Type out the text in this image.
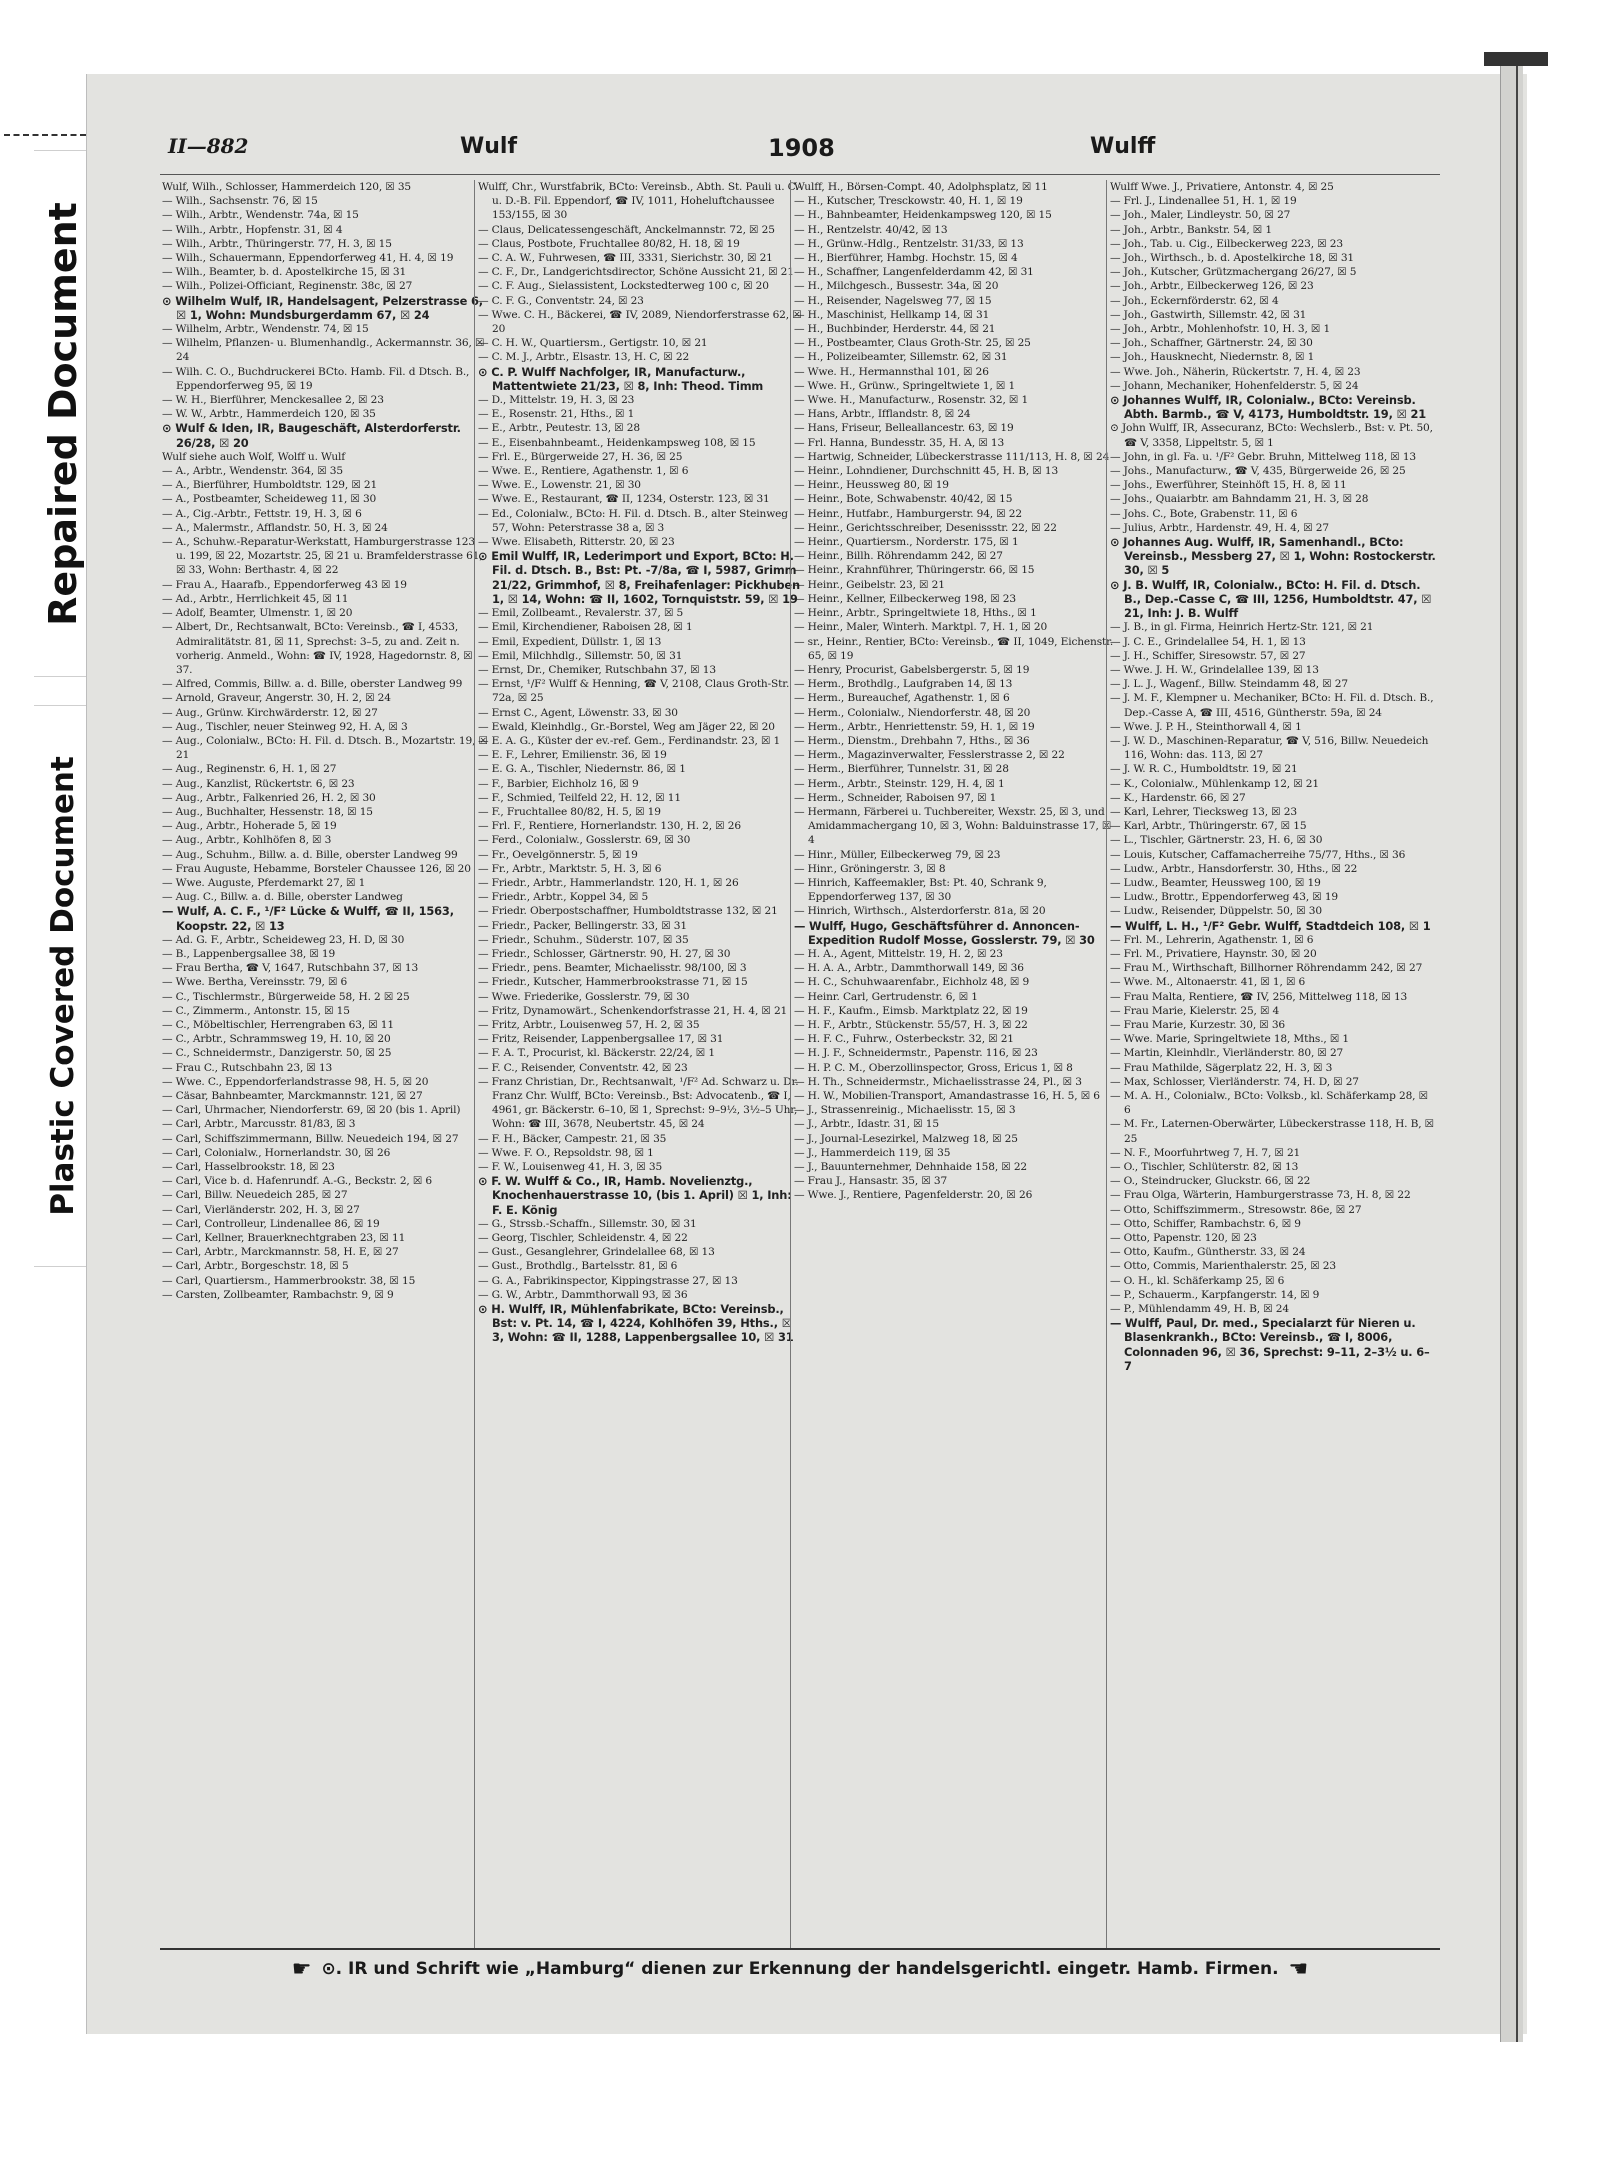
Repaired Document
Plastic Covered Document
II—882	Wulf	1908	Wulff

Wulf, Wilh., Schlosser, Hammerdeich 120, ☒ 35

— Wilh., Sachsenstr. 76, ☒ 15

— Wilh., Arbtr., Wendenstr. 74a, ☒ 15

— Wilh., Arbtr., Hopfenstr. 31, ☒ 4

— Wilh., Arbtr., Thüringerstr. 77, H. 3, ☒ 15

— Wilh., Schauermann, Eppendorferweg 41, H. 4, ☒ 19

— Wilh., Beamter, b. d. Apostelkirche 15, ☒ 31

— Wilh., Polizei-Officiant, Reginenstr. 38c, ☒ 27

⊙ Wilhelm Wulf, IR, Handelsagent, Pelzerstrasse 6, ☒ 1, Wohn: Mundsburgerdamm 67, ☒ 24

— Wilhelm, Arbtr., Wendenstr. 74, ☒ 15

— Wilhelm, Pflanzen- u. Blumenhandlg., Ackermannstr. 36, ☒ 24

— Wilh. C. O., Buchdruckerei BCto. Hamb. Fil. d Dtsch. B., Eppendorferweg 95, ☒ 19

— W. H., Bierführer, Menckesallee 2, ☒ 23

— W. W., Arbtr., Hammerdeich 120, ☒ 35

⊙ Wulf & Iden, IR, Baugeschäft, Alsterdorferstr. 26/28, ☒ 20

Wulf siehe auch Wolf, Wolff u. Wulf

— A., Arbtr., Wendenstr. 364, ☒ 35

— A., Bierführer, Humboldtstr. 129, ☒ 21

— A., Postbeamter, Scheideweg 11, ☒ 30

— A., Cig.-Arbtr., Fettstr. 19, H. 3, ☒ 6

— A., Malermstr., Afflandstr. 50, H. 3, ☒ 24

— A., Schuhw.-Reparatur-Werkstatt, Hamburgerstrasse 123 u. 199, ☒ 22, Mozartstr. 25, ☒ 21 u. Bramfelderstrasse 61, ☒ 33, Wohn: Berthastr. 4, ☒ 22

— Frau A., Haarafb., Eppendorferweg 43 ☒ 19

— Ad., Arbtr., Herrlichkeit 45, ☒ 11

— Adolf, Beamter, Ulmenstr. 1, ☒ 20

— Albert, Dr., Rechtsanwalt, BCto: Vereinsb., ☎ I, 4533, Admiralitätstr. 81, ☒ 11, Sprechst: 3–5, zu and. Zeit n. vorherig. Anmeld., Wohn: ☎ IV, 1928, Hagedornstr. 8, ☒ 37.

— Alfred, Commis, Billw. a. d. Bille, oberster Landweg 99

— Arnold, Graveur, Angerstr. 30, H. 2, ☒ 24

— Aug., Grünw. Kirchwärderstr. 12, ☒ 27

— Aug., Tischler, neuer Steinweg 92, H. A, ☒ 3

— Aug., Colonialw., BCto: H. Fil. d. Dtsch. B., Mozartstr. 19, ☒ 21

— Aug., Reginenstr. 6, H. 1, ☒ 27

— Aug., Kanzlist, Rückertstr. 6, ☒ 23

— Aug., Arbtr., Falkenried 26, H. 2, ☒ 30

— Aug., Buchhalter, Hessenstr. 18, ☒ 15

— Aug., Arbtr., Hoherade 5, ☒ 19

— Aug., Arbtr., Kohlhöfen 8, ☒ 3

— Aug., Schuhm., Billw. a. d. Bille, oberster Landweg 99

— Frau Auguste, Hebamme, Borsteler Chaussee 126, ☒ 20

— Wwe. Auguste, Pferdemarkt 27, ☒ 1

— Aug. C., Billw. a. d. Bille, oberster Landweg

— Wulf, A. C. F., ¹/F² Lücke & Wulff, ☎ II, 1563, Koopstr. 22, ☒ 13

— Ad. G. F., Arbtr., Scheideweg 23, H. D, ☒ 30

— B., Lappenbergsallee 38, ☒ 19

— Frau Bertha, ☎ V, 1647, Rutschbahn 37, ☒ 13

— Wwe. Bertha, Vereinsstr. 79, ☒ 6

— C., Tischlermstr., Bürgerweide 58, H. 2 ☒ 25

— C., Zimmerm., Antonstr. 15, ☒ 15

— C., Möbeltischler, Herrengraben 63, ☒ 11

— C., Arbtr., Schrammsweg 19, H. 10, ☒ 20

— C., Schneidermstr., Danzigerstr. 50, ☒ 25

— Frau C., Rutschbahn 23, ☒ 13

— Wwe. C., Eppendorferlandstrasse 98, H. 5, ☒ 20

— Cäsar, Bahnbeamter, Marckmannstr. 121, ☒ 27

— Carl, Uhrmacher, Niendorferstr. 69, ☒ 20 (bis 1. April)

— Carl, Arbtr., Marcusstr. 81/83, ☒ 3

— Carl, Schiffszimmermann, Billw. Neuedeich 194, ☒ 27

— Carl, Colonialw., Hornerlandstr. 30, ☒ 26

— Carl, Hasselbrookstr. 18, ☒ 23

— Carl, Vice b. d. Hafenrundf. A.-G., Beckstr. 2, ☒ 6

— Carl, Billw. Neuedeich 285, ☒ 27

— Carl, Vierländerstr. 202, H. 3, ☒ 27

— Carl, Controlleur, Lindenallee 86, ☒ 19

— Carl, Kellner, Brauerknechtgraben 23, ☒ 11

— Carl, Arbtr., Marckmannstr. 58, H. E, ☒ 27

— Carl, Arbtr., Borgeschstr. 18, ☒ 5

— Carl, Quartiersm., Hammerbrookstr. 38, ☒ 15

— Carsten, Zollbeamter, Rambachstr. 9, ☒ 9

Wulff, Chr., Wurstfabrik, BCto: Vereinsb., Abth. St. Pauli u. C.- u. D.-B. Fil. Eppendorf, ☎ IV, 1011, Hoheluftchaussee 153/155, ☒ 30

— Claus, Delicatessengeschäft, Anckelmannstr. 72, ☒ 25

— Claus, Postbote, Fruchtallee 80/82, H. 18, ☒ 19

— C. A. W., Fuhrwesen, ☎ III, 3331, Sierichstr. 30, ☒ 21

— C. F., Dr., Landgerichtsdirector, Schöne Aussicht 21, ☒ 21

— C. F. Aug., Sielassistent, Lockstedterweg 100 c, ☒ 20

— C. F. G., Conventstr. 24, ☒ 23

— Wwe. C. H., Bäckerei, ☎ IV, 2089, Niendorferstrasse 62, ☒ 20

— C. H. W., Quartiersm., Gertigstr. 10, ☒ 21

— C. M. J., Arbtr., Elsastr. 13, H. C, ☒ 22

⊙ C. P. Wulff Nachfolger, IR, Manufacturw., Mattentwiete 21/23, ☒ 8, Inh: Theod. Timm

— D., Mittelstr. 19, H. 3, ☒ 23

— E., Rosenstr. 21, Hths., ☒ 1

— E., Arbtr., Peutestr. 13, ☒ 28

— E., Eisenbahnbeamt., Heidenkampsweg 108, ☒ 15

— Frl. E., Bürgerweide 27, H. 36, ☒ 25

— Wwe. E., Rentiere, Agathenstr. 1, ☒ 6

— Wwe. E., Lowenstr. 21, ☒ 30

— Wwe. E., Restaurant, ☎ II, 1234, Osterstr. 123, ☒ 31

— Ed., Colonialw., BCto: H. Fil. d. Dtsch. B., alter Steinweg 57, Wohn: Peterstrasse 38 a, ☒ 3

— Wwe. Elisabeth, Ritterstr. 20, ☒ 23

⊙ Emil Wulff, IR, Lederimport und Export, BCto: H. Fil. d. Dtsch. B., Bst: Pt. -7/8a, ☎ I, 5987, Grimm 21/22, Grimmhof, ☒ 8, Freihafenlager: Pickhuben 1, ☒ 14, Wohn: ☎ II, 1602, Tornquiststr. 59, ☒ 19

— Emil, Zollbeamt., Revalerstr. 37, ☒ 5

— Emil, Kirchendiener, Raboisen 28, ☒ 1

— Emil, Expedient, Düllstr. 1, ☒ 13

— Emil, Milchhdlg., Sillemstr. 50, ☒ 31

— Ernst, Dr., Chemiker, Rutschbahn 37, ☒ 13

— Ernst, ¹/F² Wulff & Henning, ☎ V, 2108, Claus Groth-Str. 72a, ☒ 25

— Ernst C., Agent, Löwenstr. 33, ☒ 30

— Ewald, Kleinhdlg., Gr.-Borstel, Weg am Jäger 22, ☒ 20

— E. A. G., Küster der ev.-ref. Gem., Ferdinandstr. 23, ☒ 1

— E. F., Lehrer, Emilienstr. 36, ☒ 19

— E. G. A., Tischler, Niedernstr. 86, ☒ 1

— F., Barbier, Eichholz 16, ☒ 9

— F., Schmied, Teilfeld 22, H. 12, ☒ 11

— F., Fruchtallee 80/82, H. 5, ☒ 19

— Frl. F., Rentiere, Hornerlandstr. 130, H. 2, ☒ 26

— Ferd., Colonialw., Gosslerstr. 69, ☒ 30

— Fr., Oevelgönnerstr. 5, ☒ 19

— Fr., Arbtr., Marktstr. 5, H. 3, ☒ 6

— Friedr., Arbtr., Hammerlandstr. 120, H. 1, ☒ 26

— Friedr., Arbtr., Koppel 34, ☒ 5

— Friedr. Oberpostschaffner, Humboldtstrasse 132, ☒ 21

— Friedr., Packer, Bellingerstr. 33, ☒ 31

— Friedr., Schuhm., Süderstr. 107, ☒ 35

— Friedr., Schlosser, Gärtnerstr. 90, H. 27, ☒ 30

— Friedr., pens. Beamter, Michaelisstr. 98/100, ☒ 3

— Friedr., Kutscher, Hammerbrookstrasse 71, ☒ 15

— Wwe. Friederike, Gosslerstr. 79, ☒ 30

— Fritz, Dynamowärt., Schenkendorfstrasse 21, H. 4, ☒ 21

— Fritz, Arbtr., Louisenweg 57, H. 2, ☒ 35

— Fritz, Reisender, Lappenbergsallee 17, ☒ 31

— F. A. T., Procurist, kl. Bäckerstr. 22/24, ☒ 1

— F. C., Reisender, Conventstr. 42, ☒ 23

— Franz Christian, Dr., Rechtsanwalt, ¹/F² Ad. Schwarz u. Dr. Franz Chr. Wulff, BCto: Vereinsb., Bst: Advocatenb., ☎ I, 4961, gr. Bäckerstr. 6–10, ☒ 1, Sprechst: 9–9½, 3½–5 Uhr, Wohn: ☎ III, 3678, Neubertstr. 45, ☒ 24

— F. H., Bäcker, Campestr. 21, ☒ 35

— Wwe. F. O., Repsoldstr. 98, ☒ 1

— F. W., Louisenweg 41, H. 3, ☒ 35

⊙ F. W. Wulff & Co., IR, Hamb. Novelienztg., Knochenhauerstrasse 10, (bis 1. April) ☒ 1, Inh: F. E. König

— G., Strssb.-Schaffn., Sillemstr. 30, ☒ 31

— Georg, Tischler, Schleidenstr. 4, ☒ 22

— Gust., Gesanglehrer, Grindelallee 68, ☒ 13

— Gust., Brothdlg., Bartelsstr. 81, ☒ 6

— G. A., Fabrikinspector, Kippingstrasse 27, ☒ 13

— G. W., Arbtr., Dammthorwall 93, ☒ 36

⊙ H. Wulff, IR, Mühlenfabrikate, BCto: Vereinsb., Bst: v. Pt. 14, ☎ I, 4224, Kohlhöfen 39, Hths., ☒ 3, Wohn: ☎ II, 1288, Lappenbergsallee 10, ☒ 31

Wulff, H., Börsen-Compt. 40, Adolphsplatz, ☒ 11

— H., Kutscher, Tresckowstr. 40, H. 1, ☒ 19

— H., Bahnbeamter, Heidenkampsweg 120, ☒ 15

— H., Rentzelstr. 40/42, ☒ 13

— H., Grünw.-Hdlg., Rentzelstr. 31/33, ☒ 13

— H., Bierführer, Hambg. Hochstr. 15, ☒ 4

— H., Schaffner, Langenfelderdamm 42, ☒ 31

— H., Milchgesch., Bussestr. 34a, ☒ 20

— H., Reisender, Nagelsweg 77, ☒ 15

— H., Maschinist, Hellkamp 14, ☒ 31

— H., Buchbinder, Herderstr. 44, ☒ 21

— H., Postbeamter, Claus Groth-Str. 25, ☒ 25

— H., Polizeibeamter, Sillemstr. 62, ☒ 31

— Wwe. H., Hermannsthal 101, ☒ 26

— Wwe. H., Grünw., Springeltwiete 1, ☒ 1

— Wwe. H., Manufacturw., Rosenstr. 32, ☒ 1

— Hans, Arbtr., Ifflandstr. 8, ☒ 24

— Hans, Friseur, Belleallancestr. 63, ☒ 19

— Frl. Hanna, Bundesstr. 35, H. A, ☒ 13

— Hartwig, Schneider, Lübeckerstrasse 111/113, H. 8, ☒ 24

— Heinr., Lohndiener, Durchschnitt 45, H. B, ☒ 13

— Heinr., Heussweg 80, ☒ 19

— Heinr., Bote, Schwabenstr. 40/42, ☒ 15

— Heinr., Hutfabr., Hamburgerstr. 94, ☒ 22

— Heinr., Gerichtsschreiber, Desenissstr. 22, ☒ 22

— Heinr., Quartiersm., Norderstr. 175, ☒ 1

— Heinr., Billh. Röhrendamm 242, ☒ 27

— Heinr., Krahnführer, Thüringerstr. 66, ☒ 15

— Heinr., Geibelstr. 23, ☒ 21

— Heinr., Kellner, Eilbeckerweg 198, ☒ 23

— Heinr., Arbtr., Springeltwiete 18, Hths., ☒ 1

— Heinr., Maler, Winterh. Marktpl. 7, H. 1, ☒ 20

— sr., Heinr., Rentier, BCto: Vereinsb., ☎ II, 1049, Eichenstr. 65, ☒ 19

— Henry, Procurist, Gabelsbergerstr. 5, ☒ 19

— Herm., Brothdlg., Laufgraben 14, ☒ 13

— Herm., Bureauchef, Agathenstr. 1, ☒ 6

— Herm., Colonialw., Niendorferstr. 48, ☒ 20

— Herm., Arbtr., Henriettenstr. 59, H. 1, ☒ 19

— Herm., Dienstm., Drehbahn 7, Hths., ☒ 36

— Herm., Magazinverwalter, Fesslerstrasse 2, ☒ 22

— Herm., Bierführer, Tunnelstr. 31, ☒ 28

— Herm., Arbtr., Steinstr. 129, H. 4, ☒ 1

— Herm., Schneider, Raboisen 97, ☒ 1

— Hermann, Färberei u. Tuchbereiter, Wexstr. 25, ☒ 3, und Amidammachergang 10, ☒ 3, Wohn: Balduinstrasse 17, ☒ 4

— Hinr., Müller, Eilbeckerweg 79, ☒ 23

— Hinr., Gröningerstr. 3, ☒ 8

— Hinrich, Kaffeemakler, Bst: Pt. 40, Schrank 9, Eppendorferweg 137, ☒ 30

— Hinrich, Wirthsch., Alsterdorferstr. 81a, ☒ 20

— Wulff, Hugo, Geschäftsführer d. Annoncen-Expedition Rudolf Mosse, Gosslerstr. 79, ☒ 30

— H. A., Agent, Mittelstr. 19, H. 2, ☒ 23

— H. A. A., Arbtr., Dammthorwall 149, ☒ 36

— H. C., Schuhwaarenfabr., Eichholz 48, ☒ 9

— Heinr. Carl, Gertrudenstr. 6, ☒ 1

— H. F., Kaufm., Eimsb. Marktplatz 22, ☒ 19

— H. F., Arbtr., Stückenstr. 55/57, H. 3, ☒ 22

— H. F. C., Fuhrw., Osterbeckstr. 32, ☒ 21

— H. J. F., Schneidermstr., Papenstr. 116, ☒ 23

— H. P. C. M., Oberzollinspector, Gross, Ericus 1, ☒ 8

— H. Th., Schneidermstr., Michaelisstrasse 24, Pl., ☒ 3

— H. W., Mobilien-Transport, Amandastrasse 16, H. 5, ☒ 6

— J., Strassenreinig., Michaelisstr. 15, ☒ 3

— J., Arbtr., Idastr. 31, ☒ 15

— J., Journal-Lesezirkel, Malzweg 18, ☒ 25

— J., Hammerdeich 119, ☒ 35

— J., Bauunternehmer, Dehnhaide 158, ☒ 22

— Frau J., Hansastr. 35, ☒ 37

— Wwe. J., Rentiere, Pagenfelderstr. 20, ☒ 26

Wulff Wwe. J., Privatiere, Antonstr. 4, ☒ 25

— Frl. J., Lindenallee 51, H. 1, ☒ 19

— Joh., Maler, Lindleystr. 50, ☒ 27

— Joh., Arbtr., Bankstr. 54, ☒ 1

— Joh., Tab. u. Cig., Eilbeckerweg 223, ☒ 23

— Joh., Wirthsch., b. d. Apostelkirche 18, ☒ 31

— Joh., Kutscher, Grützmachergang 26/27, ☒ 5

— Joh., Arbtr., Eilbeckerweg 126, ☒ 23

— Joh., Eckernförderstr. 62, ☒ 4

— Joh., Gastwirth, Sillemstr. 42, ☒ 31

— Joh., Arbtr., Mohlenhofstr. 10, H. 3, ☒ 1

— Joh., Schaffner, Gärtnerstr. 24, ☒ 30

— Joh., Hausknecht, Niedernstr. 8, ☒ 1

— Wwe. Joh., Näherin, Rückertstr. 7, H. 4, ☒ 23

— Johann, Mechaniker, Hohenfelderstr. 5, ☒ 24

⊙ Johannes Wulff, IR, Colonialw., BCto: Vereinsb. Abth. Barmb., ☎ V, 4173, Humboldtstr. 19, ☒ 21

⊙ John Wulff, IR, Assecuranz, BCto: Wechslerb., Bst: v. Pt. 50, ☎ V, 3358, Lippeltstr. 5, ☒ 1

— John, in gl. Fa. u. ¹/F² Gebr. Bruhn, Mittelweg 118, ☒ 13

— Johs., Manufacturw., ☎ V, 435, Bürgerweide 26, ☒ 25

— Johs., Ewerführer, Steinhöft 15, H. 8, ☒ 11

— Johs., Quaiarbtr. am Bahndamm 21, H. 3, ☒ 28

— Johs. C., Bote, Grabenstr. 11, ☒ 6

— Julius, Arbtr., Hardenstr. 49, H. 4, ☒ 27

⊙ Johannes Aug. Wulff, IR, Samenhandl., BCto: Vereinsb., Messberg 27, ☒ 1, Wohn: Rostockerstr. 30, ☒ 5

⊙ J. B. Wulff, IR, Colonialw., BCto: H. Fil. d. Dtsch. B., Dep.-Casse C, ☎ III, 1256, Humboldtstr. 47, ☒ 21, Inh: J. B. Wulff

— J. B., in gl. Firma, Heinrich Hertz-Str. 121, ☒ 21

— J. C. E., Grindelallee 54, H. 1, ☒ 13

— J. H., Schiffer, Siresowstr. 57, ☒ 27

— Wwe. J. H. W., Grindelallee 139, ☒ 13

— J. L. J., Wagenf., Billw. Steindamm 48, ☒ 27

— J. M. F., Klempner u. Mechaniker, BCto: H. Fil. d. Dtsch. B., Dep.-Casse A, ☎ III, 4516, Güntherstr. 59a, ☒ 24

— Wwe. J. P. H., Steinthorwall 4, ☒ 1

— J. W. D., Maschinen-Reparatur, ☎ V, 516, Billw. Neuedeich 116, Wohn: das. 113, ☒ 27

— J. W. R. C., Humboldtstr. 19, ☒ 21

— K., Colonialw., Mühlenkamp 12, ☒ 21

— K., Hardenstr. 66, ☒ 27

— Karl, Lehrer, Tiecksweg 13, ☒ 23

— Karl, Arbtr., Thüringerstr. 67, ☒ 15

— L., Tischler, Gärtnerstr. 23, H. 6, ☒ 30

— Louis, Kutscher, Caffamacherreihe 75/77, Hths., ☒ 36

— Ludw., Arbtr., Hansdorferstr. 30, Hths., ☒ 22

— Ludw., Beamter, Heussweg 100, ☒ 19

— Ludw., Brottr., Eppendorferweg 43, ☒ 19

— Ludw., Reisender, Düppelstr. 50, ☒ 30

— Wulff, L. H., ¹/F² Gebr. Wulff, Stadtdeich 108, ☒ 1

— Frl. M., Lehrerin, Agathenstr. 1, ☒ 6

— Frl. M., Privatiere, Haynstr. 30, ☒ 20

— Frau M., Wirthschaft, Billhorner Röhrendamm 242, ☒ 27

— Wwe. M., Altonaerstr. 41, ☒ 1, ☒ 6

— Frau Malta, Rentiere, ☎ IV, 256, Mittelweg 118, ☒ 13

— Frau Marie, Kielerstr. 25, ☒ 4

— Frau Marie, Kurzestr. 30, ☒ 36

— Wwe. Marie, Springeltwiete 18, Mths., ☒ 1

— Martin, Kleinhdlr., Vierländerstr. 80, ☒ 27

— Frau Mathilde, Sägerplatz 22, H. 3, ☒ 3

— Max, Schlosser, Vierländerstr. 74, H. D, ☒ 27

— M. A. H., Colonialw., BCto: Volksb., kl. Schäferkamp 28, ☒ 6

— M. Fr., Laternen-Oberwärter, Lübeckerstrasse 118, H. B, ☒ 25

— N. F., Moorfuhrtweg 7, H. 7, ☒ 21

— O., Tischler, Schlüterstr. 82, ☒ 13

— O., Steindrucker, Gluckstr. 66, ☒ 22

— Frau Olga, Wärterin, Hamburgerstrasse 73, H. 8, ☒ 22

— Otto, Schiffszimmerm., Stresowstr. 86e, ☒ 27

— Otto, Schiffer, Rambachstr. 6, ☒ 9

— Otto, Papenstr. 120, ☒ 23

— Otto, Kaufm., Güntherstr. 33, ☒ 24

— Otto, Commis, Marienthalerstr. 25, ☒ 23

— O. H., kl. Schäferkamp 25, ☒ 6

— P., Schauerm., Karpfangerstr. 14, ☒ 9

— P., Mühlendamm 49, H. B, ☒ 24

— Wulff, Paul, Dr. med., Specialarzt für Nieren u. Blasenkrankh., BCto: Vereinsb., ☎ I, 8006, Colonnaden 96, ☒ 36, Sprechst: 9–11, 2–3½ u. 6–7

☛ ⊙. IR und Schrift wie „Hamburg“ dienen zur Erkennung der handelsgerichtl. eingetr. Hamb. Firmen. ☚
